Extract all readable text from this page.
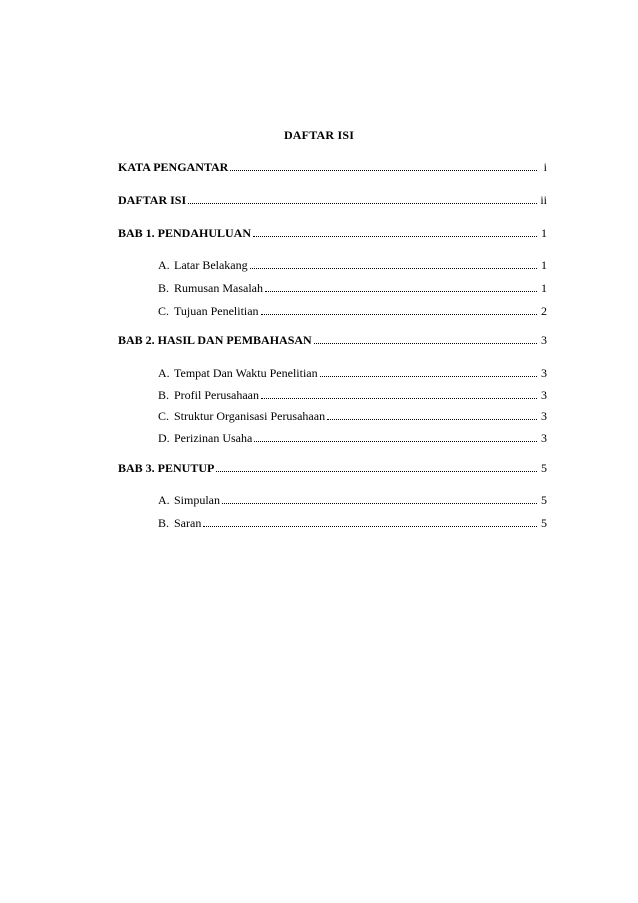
DAFTAR ISI
KATA PENGANTAR	i
DAFTAR ISI	ii
BAB 1. PENDAHULUAN	1
A. Latar Belakang	1
B. Rumusan Masalah	1
C. Tujuan Penelitian	2
BAB 2. HASIL DAN PEMBAHASAN	3
A. Tempat Dan Waktu Penelitian	3
B. Profil Perusahaan	3
C. Struktur Organisasi Perusahaan	3
D. Perizinan Usaha	3
BAB 3. PENUTUP	5
A. Simpulan	5
B. Saran	5
